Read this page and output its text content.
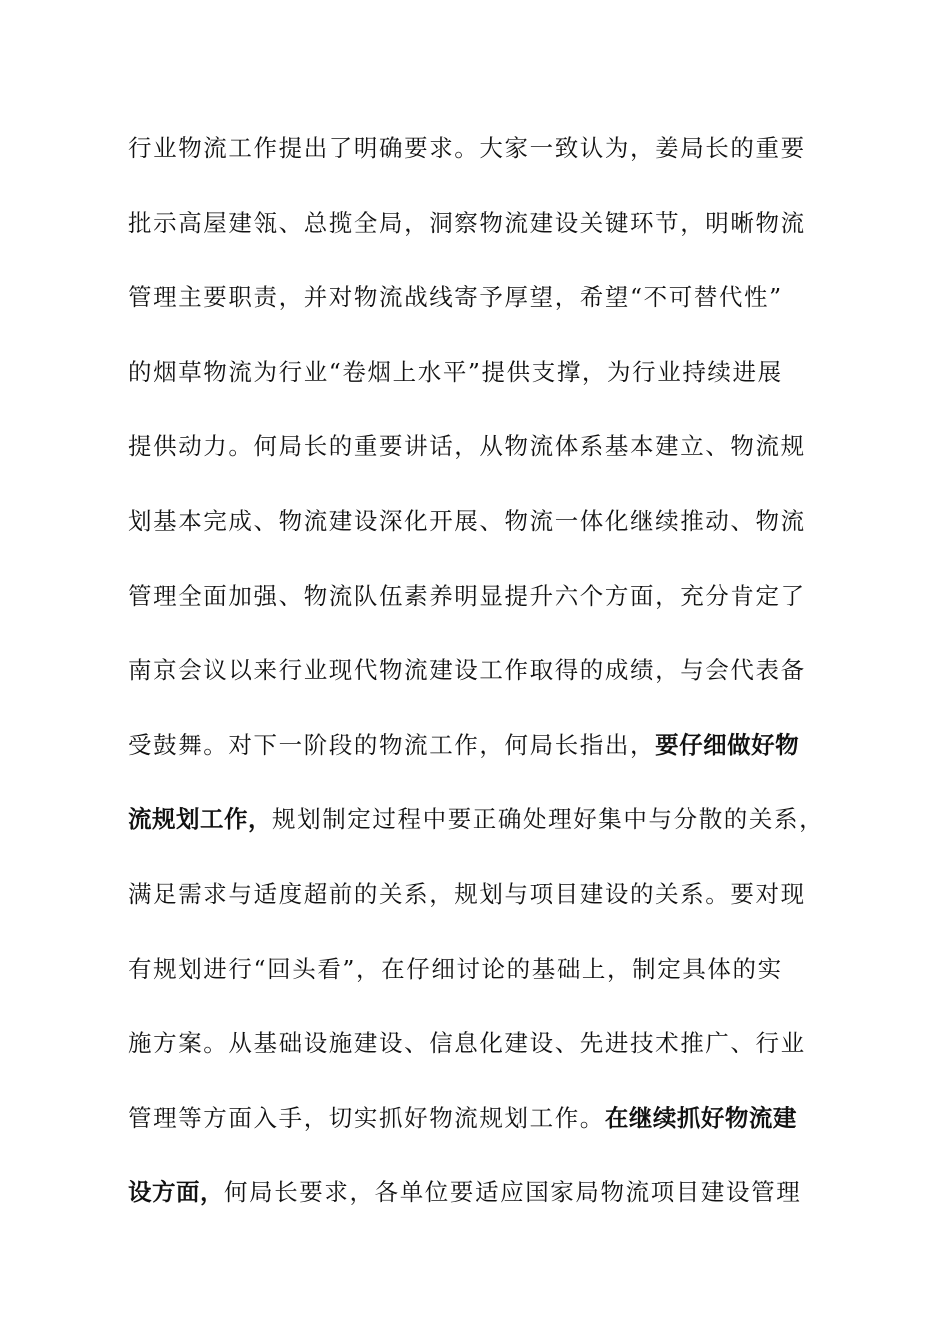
行业物流工作提出了明确要求。大家一致认为，姜局长的重要
批示高屋建瓴、总揽全局，洞察物流建设关键环节，明晰物流
管理主要职责，并对物流战线寄予厚望，希望“不可替代性”
的烟草物流为行业“卷烟上水平”提供支撑，为行业持续进展
提供动力。何局长的重要讲话，从物流体系基本建立、物流规
划基本完成、物流建设深化开展、物流一体化继续推动、物流
管理全面加强、物流队伍素养明显提升六个方面，充分肯定了
南京会议以来行业现代物流建设工作取得的成绩，与会代表备
受鼓舞。对下一阶段的物流工作，何局长指出，要仔细做好物
流规划工作，规划制定过程中要正确处理好集中与分散的关系，
满足需求与适度超前的关系，规划与项目建设的关系。要对现
有规划进行“回头看”，在仔细讨论的基础上，制定具体的实
施方案。从基础设施建设、信息化建设、先进技术推广、行业
管理等方面入手，切实抓好物流规划工作。在继续抓好物流建
设方面，何局长要求，各单位要适应国家局物流项目建设管理
